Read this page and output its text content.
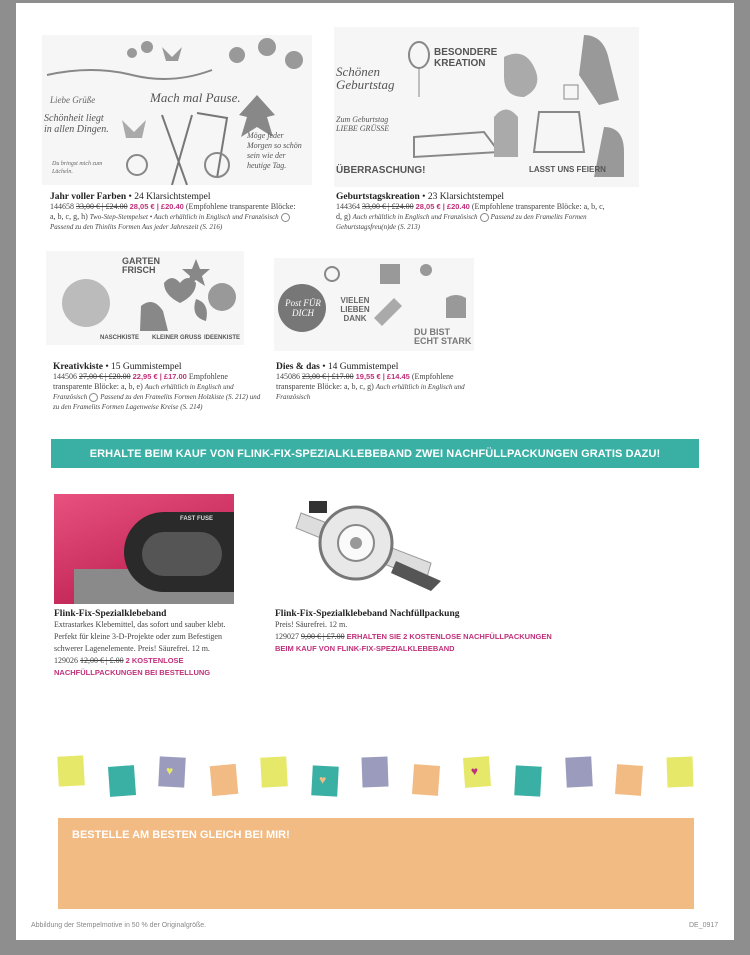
Liebe Grüße	Mach mal Pause.
Schönheit liegt in allen Dingen.
Möge jeder Morgen so schön sein wie der heutige Tag.
Du bringst mich zum Lächeln.
Schönen Geburtstag
BESONDERE KREATION
Zum Geburtstag LIEBE GRÜSSE
ÜBERRASCHUNG!	LASST UNS FEIERN
Jahr voller Farben • 24 Klarsichtstempel
144658 33,00 € | £24.00 28,05 € | £20.40 (Empfohlene transparente Blöcke: a, b, c, g, h) Two-Step-Stempelset • Auch erhältlich in Englisch und Französisch  Passend zu den Thinlits Formen Aus jeder Jahreszeit (S. 216)
Geburtstagskreation • 23 Klarsichtstempel
144364 33,00 € | £24.00 28,05 € | £20.40 (Empfohlene transparente Blöcke: a, b, c, d, g) Auch erhältlich in Englisch und Französisch Passend zu den Framelits Formen Geburtstagsfreu(n)de (S. 213)
GARTEN FRISCH
NASCHKISTE KLEINER GRUSS IDEENKISTE
Post FÜR DICH
VIELEN LIEBEN DANK
DU BIST ECHT STARK
Kreativkiste • 15 Gummistempel
144506 27,00 € | £20.00 22,95 € | £17.00 Empfohlene transparente Blöcke: a, b, e) Auch erhältlich in Englisch und Französisch Passend zu den Framelits Formen Holzkiste (S. 212) und zu den Framelits Formen Lagenweise Kreise (S. 214)
Dies & das • 14 Gummistempel
145086 23,00 € | £17.00 19,55 € | £14.45 (Empfohlene transparente Blöcke: a, b, c, g) Auch erhältlich in Englisch und Französisch
ERHALTE BEIM KAUF VON FLINK-FIX-SPEZIALKLEBEBAND ZWEI NACHFÜLLPACKUNGEN GRATIS DAZU!
FAST FUSE
Flink-Fix-Spezialklebeband
Extrastarkes Klebemittel, das sofort und sauber klebt. Perfekt für kleine 3-D-Projekte oder zum Befestigen schwerer Lagenelemente. Preis! Säurefrei. 12 m.
129026 12,00 € | £.00 2 KOSTENLOSE NACHFÜLLPACKUNGEN BEI BESTELLUNG
Flink-Fix-Spezialklebeband Nachfüllpackung
Preis! Säurefrei. 12 m.
129027 9,00 € | £7.00 ERHALTEN SIE 2 KOSTENLOSE NACHFÜLLPACKUNGEN BEIM KAUF VON FLINK-FIX-SPEZIALKLEBEBAND
♥
♥
♥
BESTELLE AM BESTEN GLEICH BEI MIR!
Abbildung der Stempelmotive in 50 % der Originalgröße.	DE_0917
